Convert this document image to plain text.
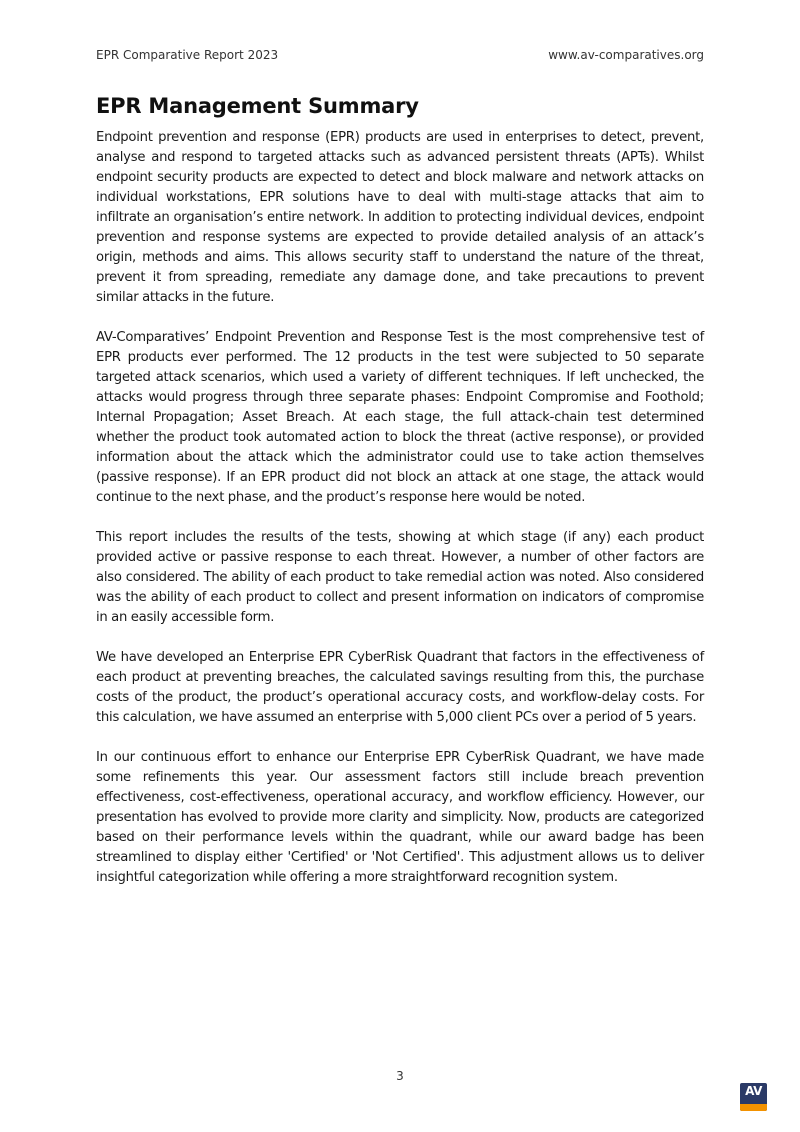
EPR Comparative Report 2023	www.av-comparatives.org
EPR Management Summary

Endpoint prevention and response (EPR) products are used in enterprises to detect, prevent, analyse and respond to targeted attacks such as advanced persistent threats (APTs). Whilst endpoint security products are expected to detect and block malware and network attacks on individual workstations, EPR solutions have to deal with multi-stage attacks that aim to infiltrate an organisation’s entire network. In addition to protecting individual devices, endpoint prevention and response systems are expected to provide detailed analysis of an attack’s origin, methods and aims. This allows security staff to understand the nature of the threat, prevent it from spreading, remediate any damage done, and take precautions to prevent similar attacks in the future.

AV-Comparatives’ Endpoint Prevention and Response Test is the most comprehensive test of EPR products ever performed. The 12 products in the test were subjected to 50 separate targeted attack scenarios, which used a variety of different techniques. If left unchecked, the attacks would progress through three separate phases: Endpoint Compromise and Foothold; Internal Propagation; Asset Breach. At each stage, the full attack-chain test determined whether the product took automated action to block the threat (active response), or provided information about the attack which the administrator could use to take action themselves (passive response). If an EPR product did not block an attack at one stage, the attack would continue to the next phase, and the product’s response here would be noted.

This report includes the results of the tests, showing at which stage (if any) each product provided active or passive response to each threat. However, a number of other factors are also considered. The ability of each product to take remedial action was noted. Also considered was the ability of each product to collect and present information on indicators of compromise in an easily accessible form.

We have developed an Enterprise EPR CyberRisk Quadrant that factors in the effectiveness of each product at preventing breaches, the calculated savings resulting from this, the purchase costs of the product, the product’s operational accuracy costs, and workflow-delay costs. For this calculation, we have assumed an enterprise with 5,000 client PCs over a period of 5 years.

In our continuous effort to enhance our Enterprise EPR CyberRisk Quadrant, we have made some refinements this year. Our assessment factors still include breach prevention effectiveness, cost-effectiveness, operational accuracy, and workflow efficiency. However, our presentation has evolved to provide more clarity and simplicity. Now, products are categorized based on their performance levels within the quadrant, while our award badge has been streamlined to display either 'Certified' or 'Not Certified'. This adjustment allows us to deliver insightful categorization while offering a more straightforward recognition system.

3
AV
